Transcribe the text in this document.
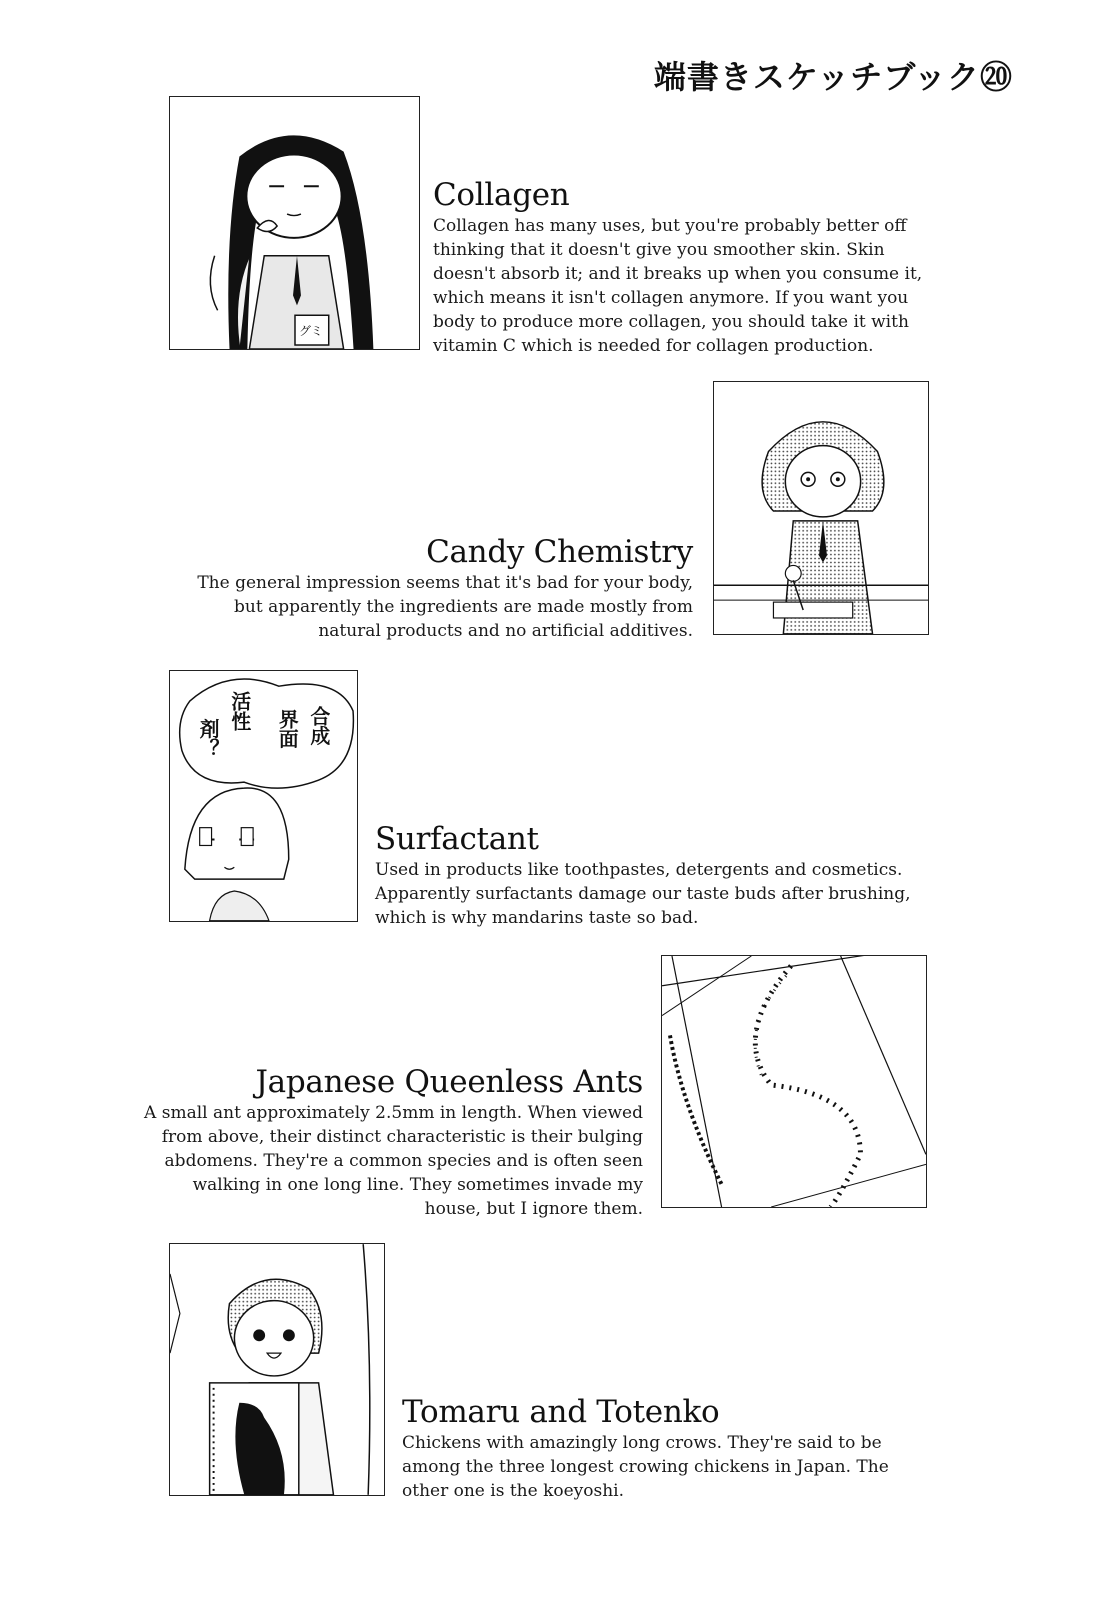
端書きスケッチブック⑳
グミ
Collagen

Collagen has many uses, but you're probably better off thinking that it doesn't give you smoother skin. Skin doesn't absorb it; and it breaks up when you consume it, which means it isn't collagen anymore. If you want you body to produce more collagen, you should take it with vitamin C which is needed for collagen production.

Candy Chemistry

The general impression seems that it's bad for your body, but apparently the ingredients are made mostly from natural products and no artificial additives.

合成
界面
活性
剤？
Surfactant

Used in products like toothpastes, detergents and cosmetics. Apparently surfactants damage our taste buds after brushing, which is why mandarins taste so bad.

Japanese Queenless Ants

A small ant approximately 2.5mm in length. When viewed from above, their distinct characteristic is their bulging abdomens. They're a common species and is often seen walking in one long line. They sometimes invade my house, but I ignore them.

Tomaru and Totenko

Chickens with amazingly long crows. They're said to be among the three longest crowing chickens in Japan. The other one is the koeyoshi.
